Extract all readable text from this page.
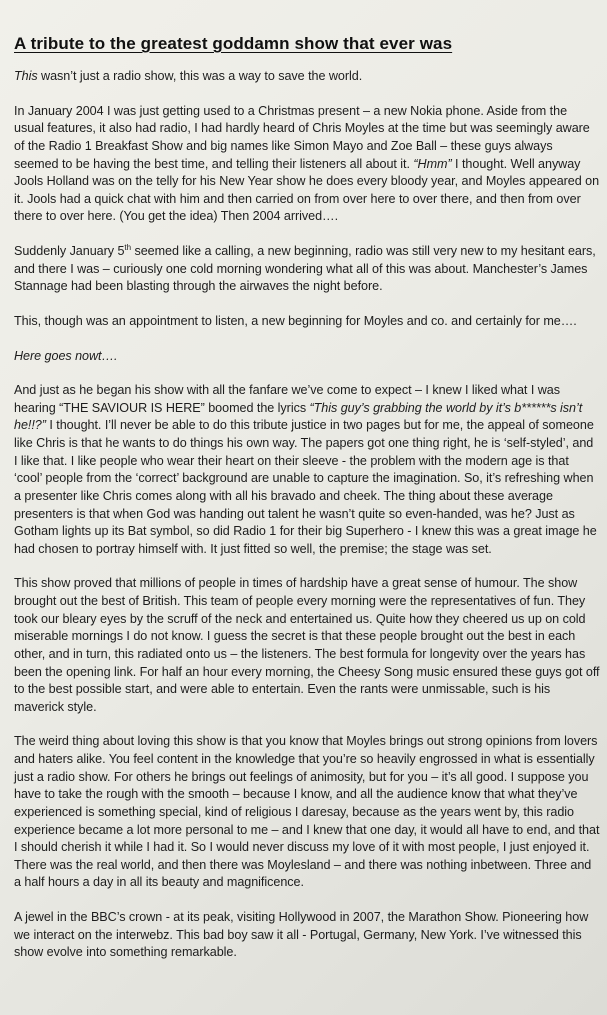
A tribute to the greatest goddamn show that ever was

This wasn’t just a radio show, this was a way to save the world.

In January 2004 I was just getting used to a Christmas present – a new Nokia phone. Aside from the usual features, it also had radio, I had hardly heard of Chris Moyles at the time but was seemingly aware of the Radio 1 Breakfast Show and big names like Simon Mayo and Zoe Ball – these guys always seemed to be having the best time, and telling their listeners all about it. “Hmm” I thought. Well anyway Jools Holland was on the telly for his New Year show he does every bloody year, and Moyles appeared on it. Jools had a quick chat with him and then carried on from over here to over there, and then from over there to over here. (You get the idea) Then 2004 arrived….

Suddenly January 5th seemed like a calling, a new beginning, radio was still very new to my hesitant ears, and there I was – curiously one cold morning wondering what all of this was about. Manchester’s James Stannage had been blasting through the airwaves the night before.

This, though was an appointment to listen, a new beginning for Moyles and co. and certainly for me….

Here goes nowt….

And just as he began his show with all the fanfare we’ve come to expect – I knew I liked what I was hearing “THE SAVIOUR IS HERE” boomed the lyrics “This guy’s grabbing the world by it’s b******s isn’t he!!?” I thought. I’ll never be able to do this tribute justice in two pages but for me, the appeal of someone like Chris is that he wants to do things his own way. The papers got one thing right, he is ‘self-styled’, and I like that. I like people who wear their heart on their sleeve - the problem with the modern age is that ‘cool’ people from the ‘correct’ background are unable to capture the imagination. So, it’s refreshing when a presenter like Chris comes along with all his bravado and cheek. The thing about these average presenters is that when God was handing out talent he wasn’t quite so even-handed, was he? Just as Gotham lights up its Bat symbol, so did Radio 1 for their big Superhero - I knew this was a great image he had chosen to portray himself with. It just fitted so well, the premise; the stage was set.

This show proved that millions of people in times of hardship have a great sense of humour. The show brought out the best of British. This team of people every morning were the representatives of fun. They took our bleary eyes by the scruff of the neck and entertained us. Quite how they cheered us up on cold miserable mornings I do not know. I guess the secret is that these people brought out the best in each other, and in turn, this radiated onto us – the listeners. The best formula for longevity over the years has been the opening link. For half an hour every morning, the Cheesy Song music ensured these guys got off to the best possible start, and were able to entertain. Even the rants were unmissable, such is his maverick style.

The weird thing about loving this show is that you know that Moyles brings out strong opinions from lovers and haters alike. You feel content in the knowledge that you’re so heavily engrossed in what is essentially just a radio show. For others he brings out feelings of animosity, but for you – it’s all good. I suppose you have to take the rough with the smooth – because I know, and all the audience know that what they’ve experienced is something special, kind of religious I daresay, because as the years went by, this radio experience became a lot more personal to me – and I knew that one day, it would all have to end, and that I should cherish it while I had it. So I would never discuss my love of it with most people, I just enjoyed it. There was the real world, and then there was Moylesland – and there was nothing inbetween. Three and a half hours a day in all its beauty and magnificence.

A jewel in the BBC’s crown - at its peak, visiting Hollywood in 2007, the Marathon Show. Pioneering how we interact on the interwebz. This bad boy saw it all - Portugal, Germany, New York. I’ve witnessed this show evolve into something remarkable.
